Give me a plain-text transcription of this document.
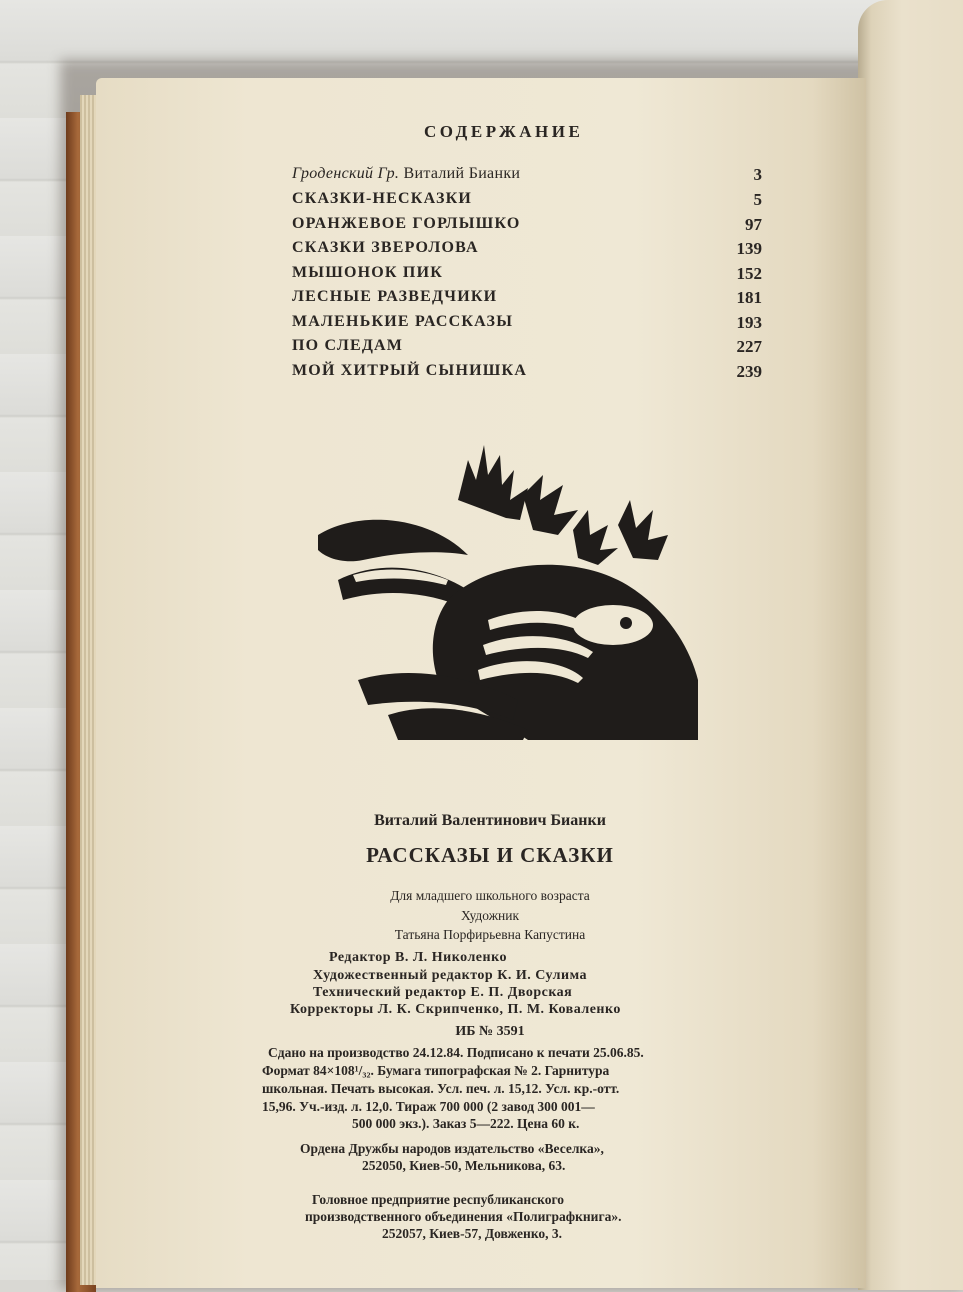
СОДЕРЖАНИЕ
Гроденский Гр. Виталий Бианки	3
СКАЗКИ-НЕСКАЗКИ	5
ОРАНЖЕВОЕ ГОРЛЫШКО	97
СКАЗКИ ЗВЕРОЛОВА	139
МЫШОНОК ПИК	152
ЛЕСНЫЕ РАЗВЕДЧИКИ	181
МАЛЕНЬКИЕ РАССКАЗЫ	193
ПО СЛЕДАМ	227
МОЙ ХИТРЫЙ СЫНИШКА	239
Виталий Валентинович Бианки
РАССКАЗЫ И СКАЗКИ
Для младшего школьного возраста
Художник
Татьяна Порфирьевна Капустина
Редактор В. Л. Николенко
Художественный редактор К. И. Сулима
Технический редактор Е. П. Дворская
Корректоры Л. К. Скрипченко, П. М. Коваленко
ИБ № 3591
Сдано на производство 24.12.84. Подписано к печати 25.06.85.
Формат 84×108¹/₃₂. Бумага типографская № 2. Гарнитура
школьная. Печать высокая. Усл. печ. л. 15,12. Усл. кр.-отт.
15,96. Уч.-изд. л. 12,0. Тираж 700 000 (2 завод 300 001—
500 000 экз.). Заказ 5—222. Цена 60 к.
Ордена Дружбы народов издательство «Веселка»,
252050, Киев-50, Мельникова, 63.
Головное предприятие республиканского
производственного объединения «Полиграфкнига».
252057, Киев-57, Довженко, 3.
